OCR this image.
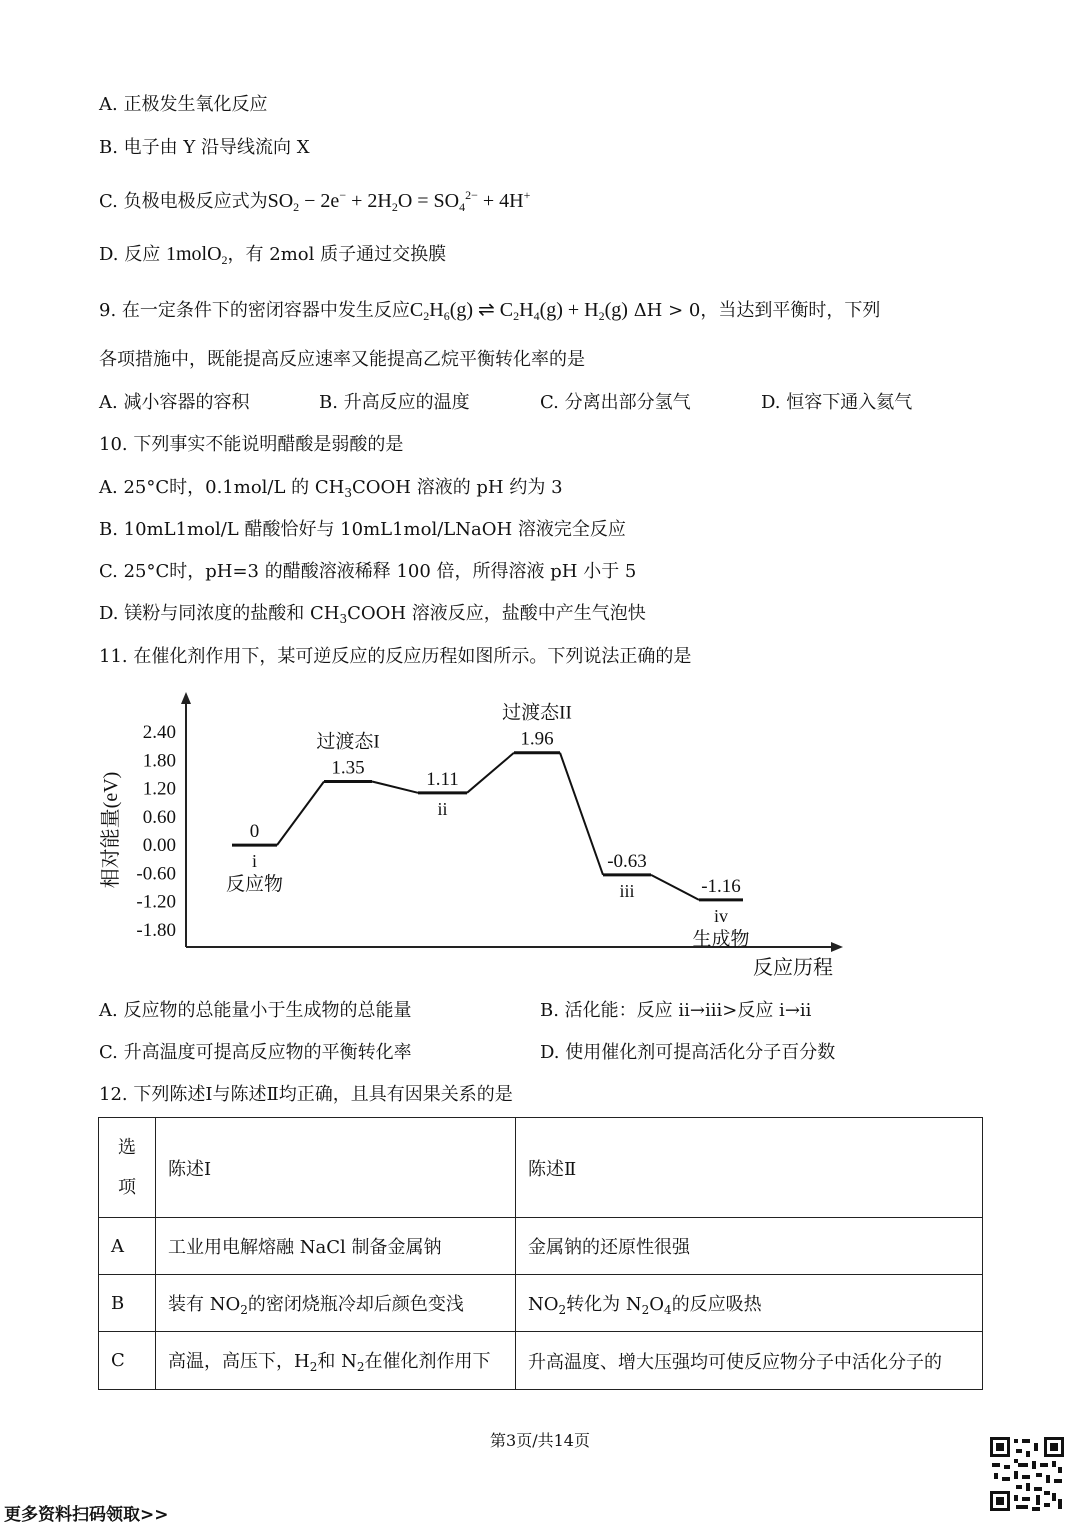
A. 正极发生氧化反应
B. 电子由 Y 沿导线流向 X
C. 负极电极反应式为$SO_2 - 2e^- + 2H_2O = SO_4^{2-} + 4H^+$
D. 反应 1molO$_2$，有 2mol 质子通过交换膜
9. 在一定条件下的密闭容器中发生反应$C_2H_6(g)$ ⇌ $C_2H_4(g) + H_2(g) \Delta H > 0$，当达到平衡时，下列
各项措施中，既能提高反应速率又能提高乙烷平衡转化率的是
A. 减小容器的容积	B. 升高反应的温度	C. 分离出部分氢气	D. 恒容下通入氦气
10. 下列事实不能说明醋酸是弱酸的是
A. 25°C时，0.1mol/L 的 $CH_3COOH$ 溶液的 pH 约为 3
B. 10mL1mol/L 醋酸恰好与 10mL1mol/LNaOH 溶液完全反应
C. 25°C时，pH=3 的醋酸溶液稀释 100 倍，所得溶液 pH 小于 5
D. 镁粉与同浓度的盐酸和 $CH_3COOH$ 溶液反应，盐酸中产生气泡快
11. 在催化剂作用下，某可逆反应的反应历程如图所示。下列说法正确的是
2.40
1.80
1.20
0.60
0.00
-0.60
-1.20
-1.80
相对能量(eV)
反应历程
0
i
反应物
1.35
过渡态I
1.11
ii
1.96
过渡态II
-0.63
iii	-1.16
iv
生成物
A. 反应物的总能量小于生成物的总能量	B. 活化能：反应 ii→iii>反应 i→ii
C. 升高温度可提高反应物的平衡转化率	D. 使用催化剂可提高活化分子百分数
12. 下列陈述Ⅰ与陈述Ⅱ均正确，且具有因果关系的是
选
项	陈述Ⅰ	陈述Ⅱ
A	工业用电解熔融 NaCl 制备金属钠	金属钠的还原性很强
B	装有 $NO_2$的密闭烧瓶冷却后颜色变浅	$NO_2$转化为 $N_2O_4$的反应吸热
C	高温，高压下，$H_2$和 $N_2$在催化剂作用下	升高温度、增大压强均可使反应物分子中活化分子的
第3页/共14页
更多资料扫码领取>>
